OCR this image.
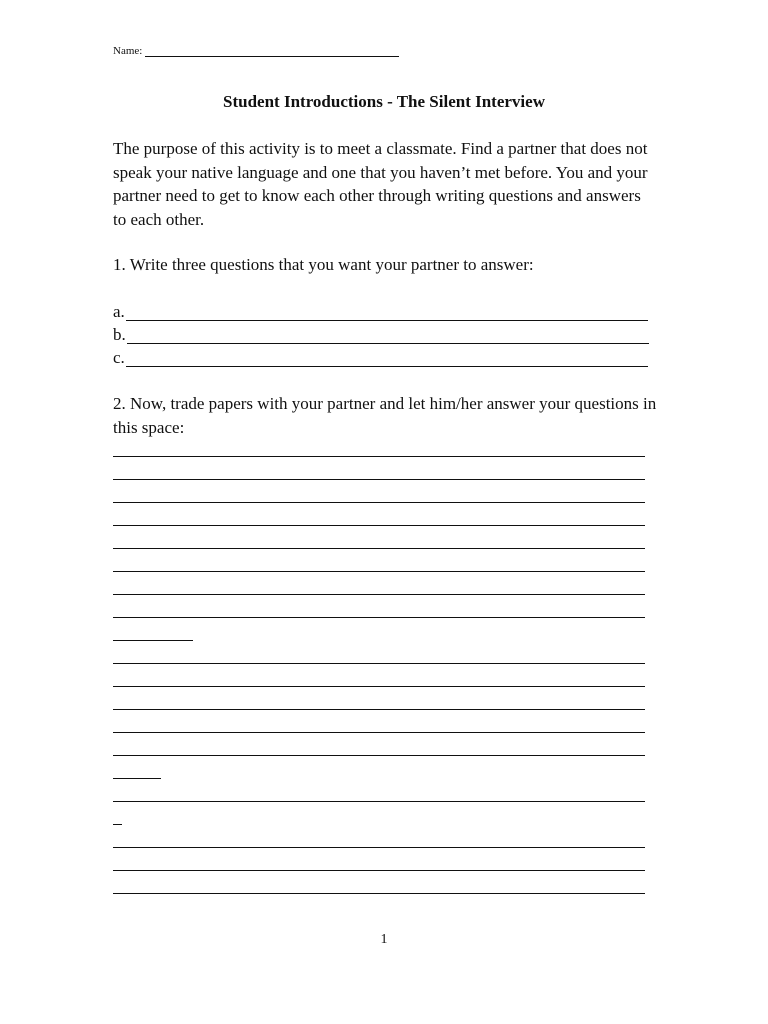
Name:
Student Introductions - The Silent Interview
The purpose of this activity is to meet a classmate. Find a partner that does not speak your native language and one that you haven’t met before. You and your partner need to get to know each other through writing questions and answers to each other.
1. Write three questions that you want your partner to answer:
a.
b.
c.
2. Now, trade papers with your partner and let him/her answer your questions in this space:
1
